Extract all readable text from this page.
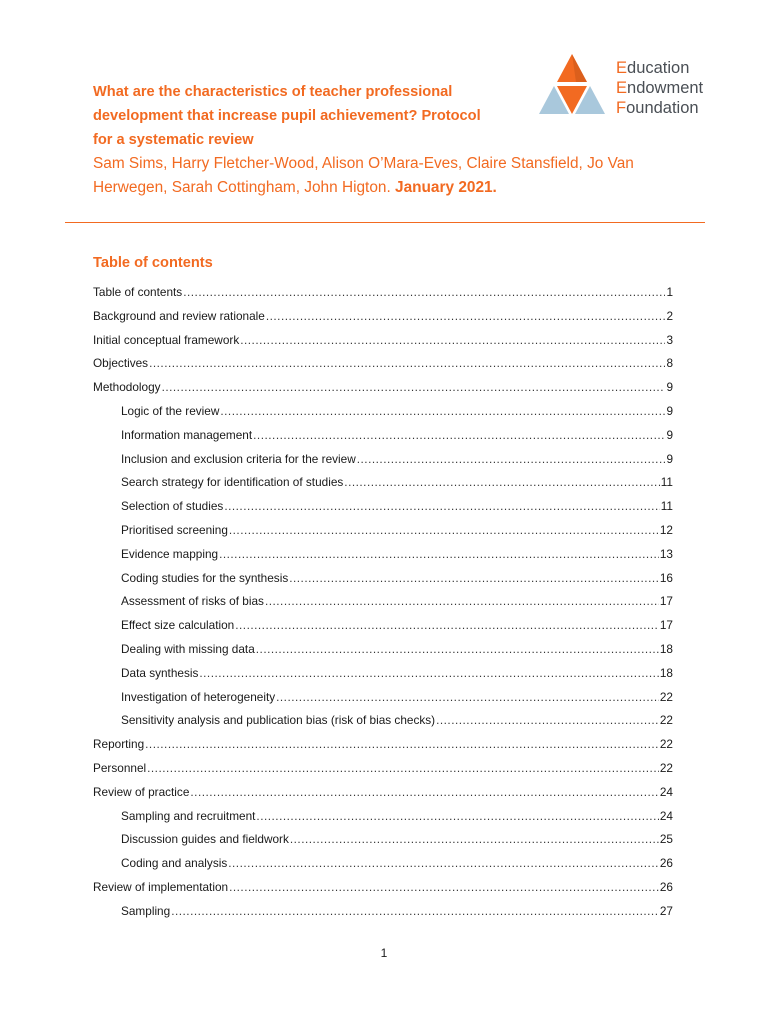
What are the characteristics of teacher professional
development that increase pupil achievement? Protocol
for a systematic review
Sam Sims, Harry Fletcher-Wood, Alison O’Mara-Eves, Claire Stansfield, Jo Van
Herwegen, Sarah Cottingham, John Higton. January 2021.
Education
Endowment
Foundation
Table of contents
Table of contents .....	1
Background and review rationale .....	2
Initial conceptual framework .....	3
Objectives .....	8
Methodology .....	9
Logic of the review .....	9
Information management .....	9
Inclusion and exclusion criteria for the review .....	9
Search strategy for identification of studies .....	11
Selection of studies .....	11
Prioritised screening .....	12
Evidence mapping .....	13
Coding studies for the synthesis .....	16
Assessment of risks of bias .....	17
Effect size calculation .....	17
Dealing with missing data .....	18
Data synthesis .....	18
Investigation of heterogeneity .....	22
Sensitivity analysis and publication bias (risk of bias checks) .....	22
Reporting .....	22
Personnel .....	22
Review of practice .....	24
Sampling and recruitment .....	24
Discussion guides and fieldwork .....	25
Coding and analysis .....	26
Review of implementation .....	26
Sampling .....	27
1
